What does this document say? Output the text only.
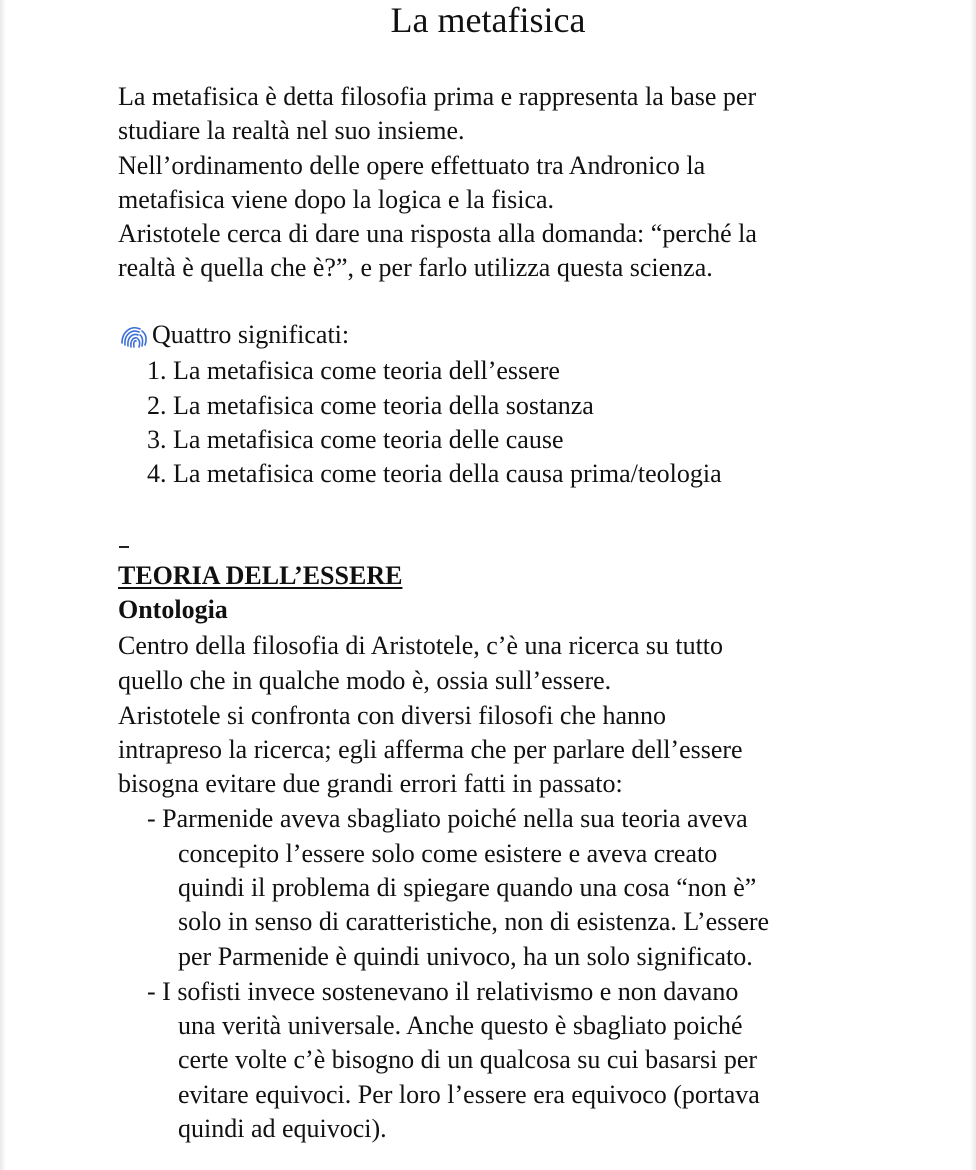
La metafisica
La metafisica è detta filosofia prima e rappresenta la base per
studiare la realtà nel suo insieme.
Nell’ordinamento delle opere effettuato tra Andronico la
metafisica viene dopo la logica e la fisica.
Aristotele cerca di dare una risposta alla domanda: “perché la
realtà è quella che è?”, e per farlo utilizza questa scienza.
Quattro significati:
1. La metafisica come teoria dell’essere
2. La metafisica come teoria della sostanza
3. La metafisica come teoria delle cause
4. La metafisica come teoria della causa prima/teologia
TEORIA DELL’ESSERE
Ontologia
Centro della filosofia di Aristotele, c’è una ricerca su tutto
quello che in qualche modo è, ossia sull’essere.
Aristotele si confronta con diversi filosofi che hanno
intrapreso la ricerca; egli afferma che per parlare dell’essere
bisogna evitare due grandi errori fatti in passato:
- Parmenide aveva sbagliato poiché nella sua teoria aveva
concepito l’essere solo come esistere e aveva creato
quindi il problema di spiegare quando una cosa “non è”
solo in senso di caratteristiche, non di esistenza. L’essere
per Parmenide è quindi univoco, ha un solo significato.
- I sofisti invece sostenevano il relativismo e non davano
una verità universale. Anche questo è sbagliato poiché
certe volte c’è bisogno di un qualcosa su cui basarsi per
evitare equivoci. Per loro l’essere era equivoco (portava
quindi ad equivoci).
